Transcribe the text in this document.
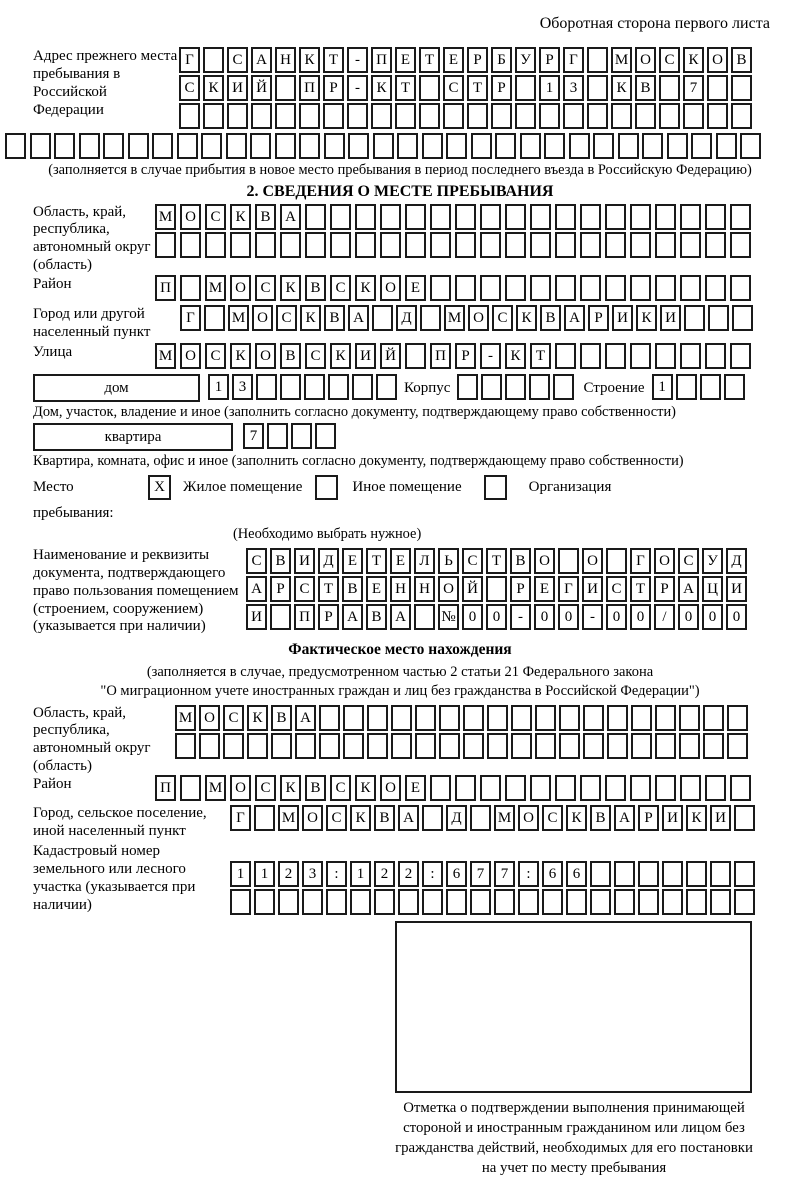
Оборотная сторона первого листа
Адрес прежнего места пребывания в Российской Федерации
Г	С А Н К Т - П Е Т Е Р Б У Р Г М О С К О В
С К И Й П Р - К Т	С Т Р	1 3	К В	7
(заполняется в случае прибытия в новое место пребывания в период последнего въезда в Российскую Федерацию)
2. СВЕДЕНИЯ О МЕСТЕ ПРЕБЫВАНИЯ
Область, край, республика, автономный округ (область)
М О С К В А
Район	П	М О С К В С К О Е
Город или другой населенный пункт
Г М О С К В А Д М О С К В А Р И К И
Улица	М О С К О В С К И Й	П Р - К Т
дом	1 3	Корпус	Строение 1
Дом, участок, владение и иное (заполнить согласно документу, подтверждающему право собственности)
квартира	7
Квартира, комната, офис и иное (заполнить согласно документу, подтверждающему право собственности)
Место пребывания:
X	Жилое помещение	Иное помещение	Организация
(Необходимо выбрать нужное)
Наименование и реквизиты документа, подтверждающего право пользования помещением (строением, сооружением) (указывается при наличии)
С В И Д Е Т Е Л Ь С Т В О О	Г О С У Д
А Р С Т В Е Н Н О Й	Р Е Г И С Т Р А Ц И
И П Р А В А № 0 0 - 0 0 - 0 0 / 0 0 0
Фактическое место нахождения
(заполняется в случае, предусмотренном частью 2 статьи 21 Федерального закона
"О миграционном учете иностранных граждан и лиц без гражданства в Российской Федерации")
Область, край, республика, автономный округ (область)
М О С К В А
Район	П	М О С К В С К О Е
Город, сельское поселение, иной населенный пункт
Г М О С К В А Д М О С К В А Р И К И
Кадастровый номер земельного или лесного участка (указывается при наличии)
1 1 2 3 : 1 2 2 : 6 7 7 : 6 6
Отметка о подтверждении выполнения принимающей стороной и иностранным гражданином или лицом без гражданства действий, необходимых для его постановки на учет по месту пребывания
